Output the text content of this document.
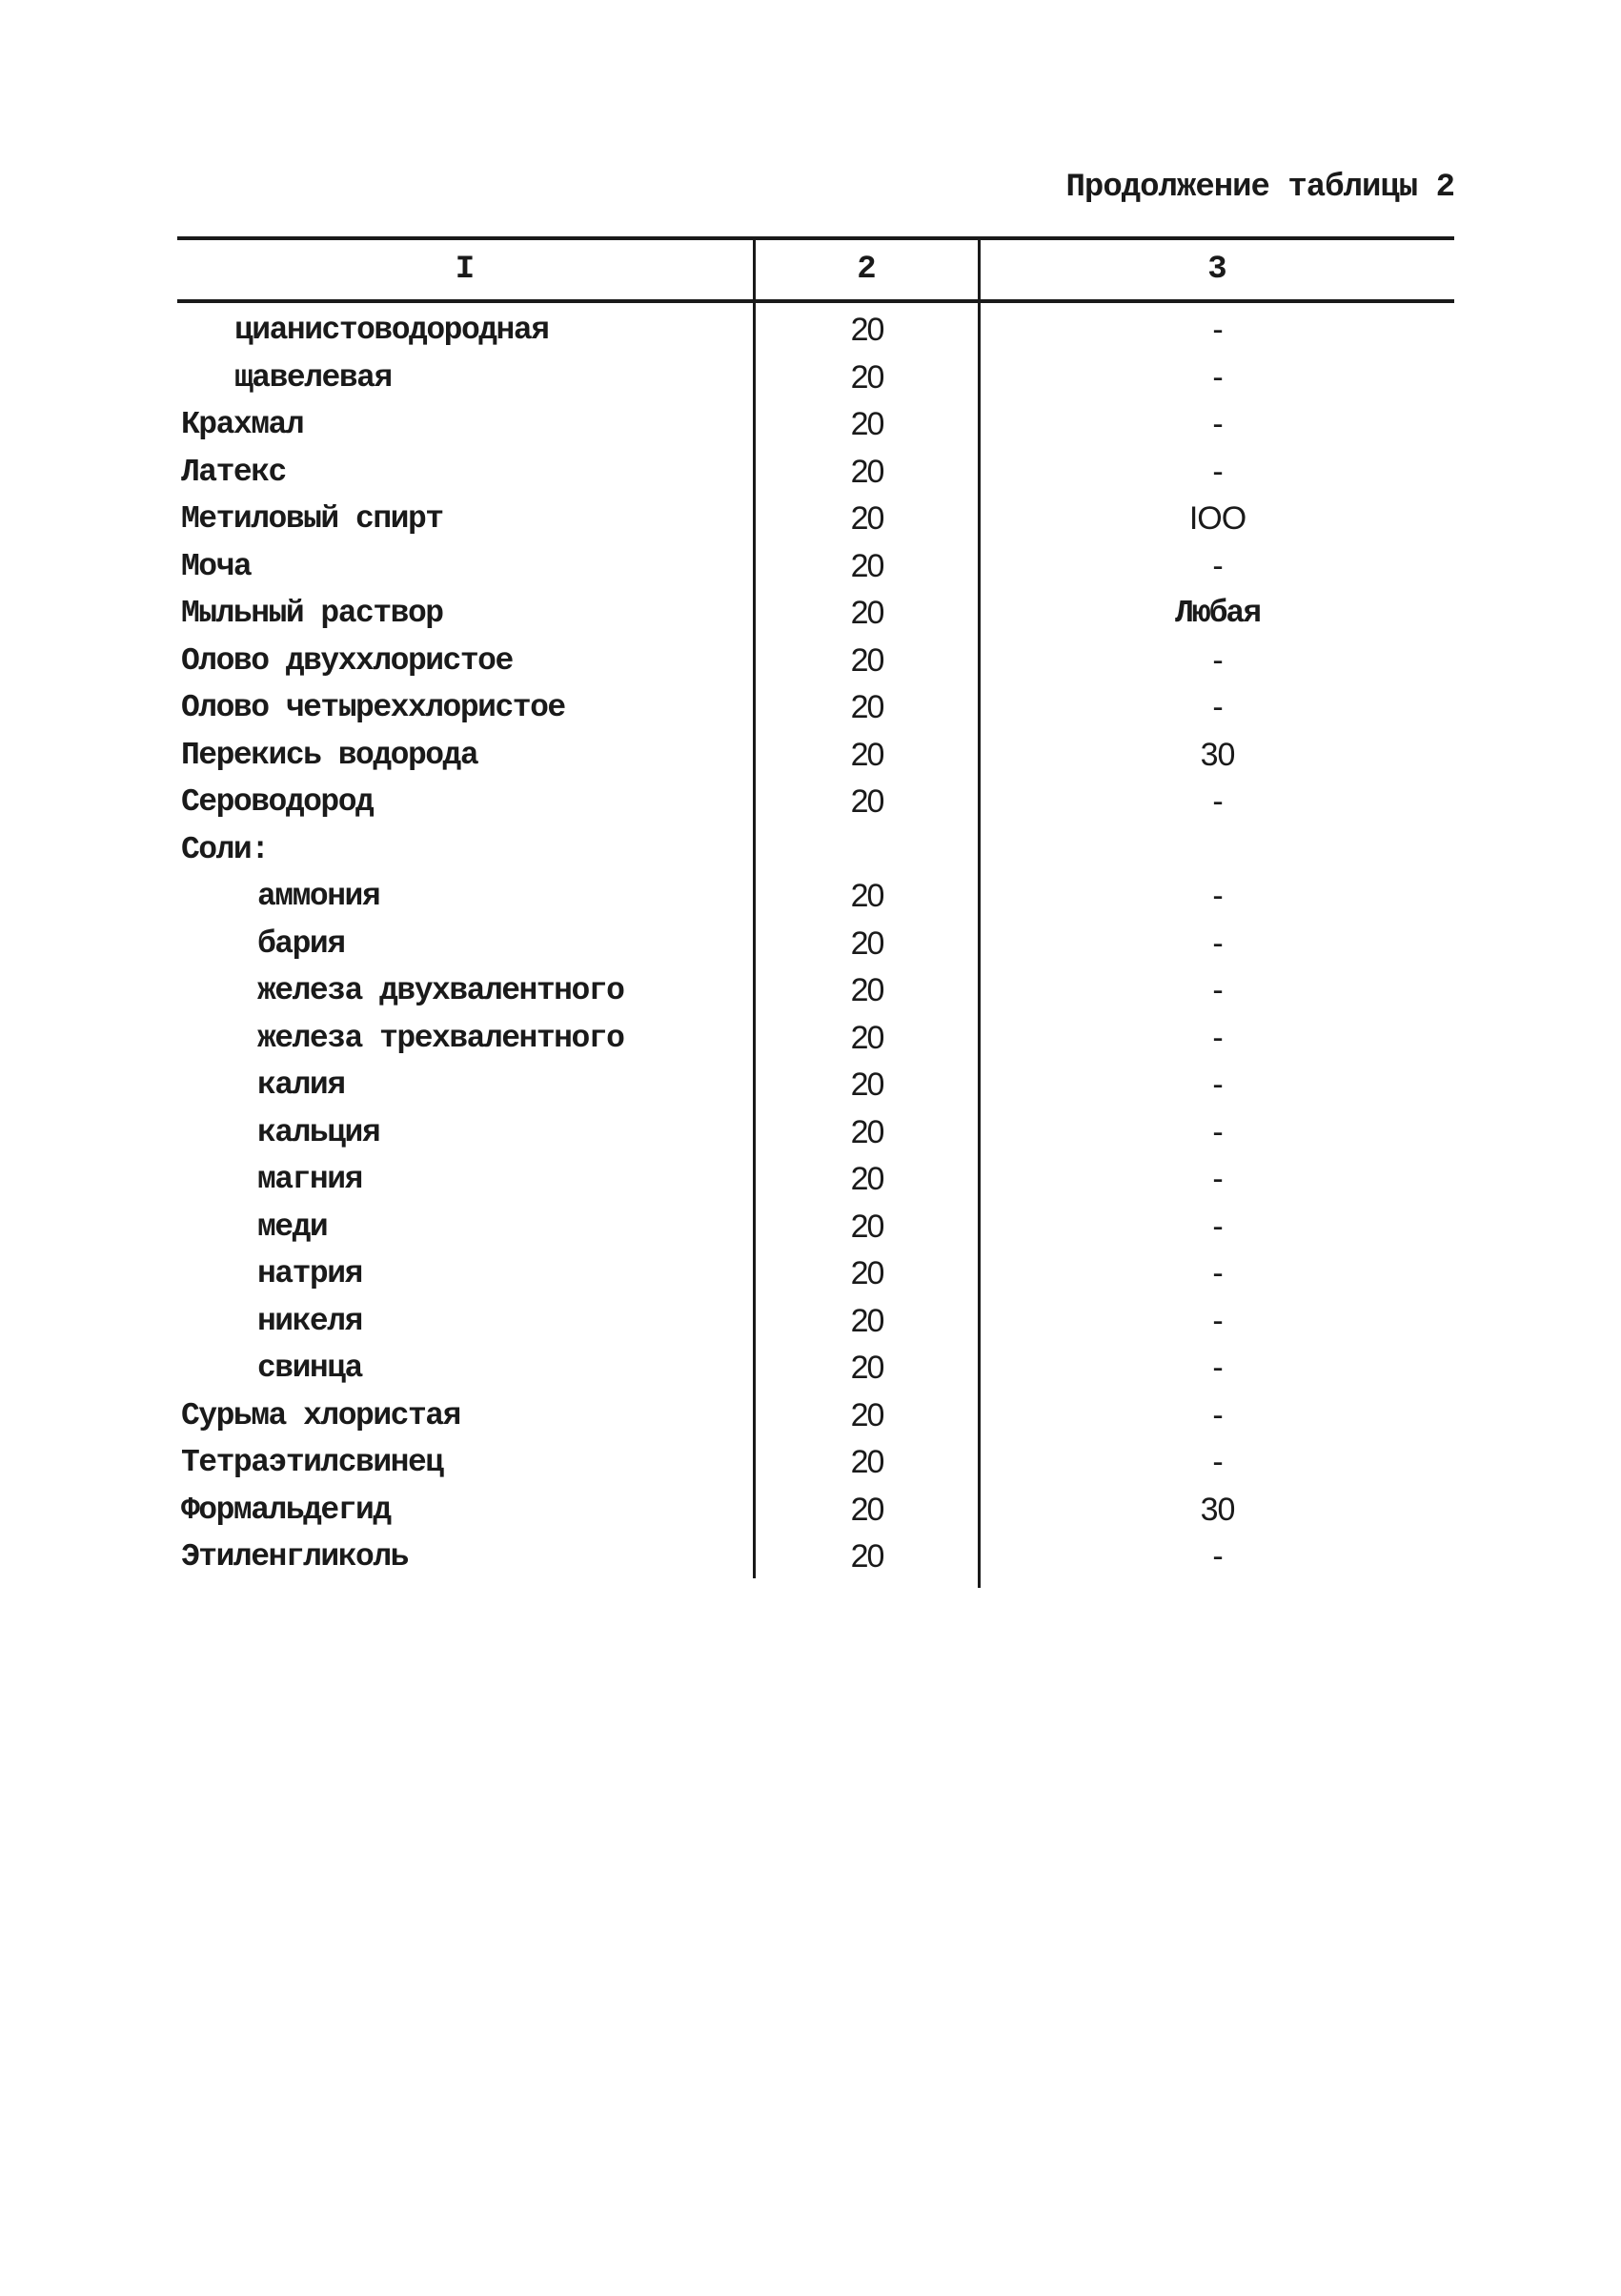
Продолжение таблицы 2
I	2	3
цианистоводородная	20	-
щавелевая	20	-
Крахмал	20	-
Латекс	20	-
Метиловый спирт	20	IOO
Моча	20	-
Мыльный раствор	20	Любая
Олово двуххлористое	20	-
Олово четыреххлористое	20	-
Перекись водорода	20	30
Сероводород	20	-
Соли:
аммония	20	-
бария	20	-
железа двухвалентного	20	-
железа трехвалентного	20	-
калия	20	-
кальция	20	-
магния	20	-
меди	20	-
натрия	20	-
никеля	20	-
свинца	20	-
Сурьма хлористая	20	-
Тетраэтилсвинец	20	-
Формальдегид	20	30
Этиленгликоль	20	-
